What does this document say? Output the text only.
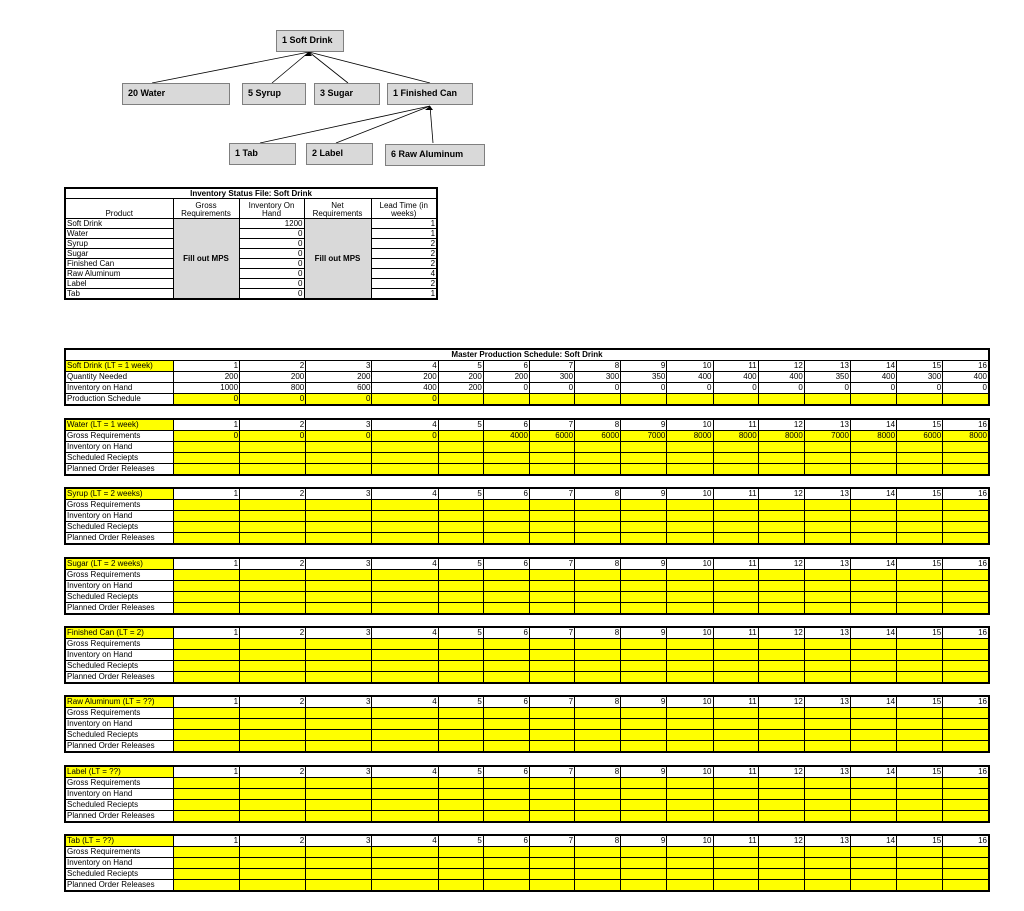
1 Soft Drink
20 Water	5 Syrup	3 Sugar	1 Finished Can
1 Tab	2 Label	6 Raw Aluminum
Inventory Status File: Soft Drink				
Product	Gross Requirements	Inventory On Hand	Net Requirements	Lead Time (in weeks)
Soft Drink	Fill out MPS	1200	Fill out MPS	1
Water		0		1
Syrup		0		2
Sugar		0		2
Finished Can		0		2
Raw Aluminum		0		4
Label		0		2
Tab		0		1
Master Production Schedule: Soft Drink																
Soft Drink (LT = 1 week)	1	2	3	4	5	6	7	8	9	10	11	12	13	14	15	16
Quantity Needed	200	200	200	200	200	200	300	300	350	400	400	400	350	400	300	400
Inventory on Hand	1000	800	600	400	200	0	0	0	0	0	0	0	0	0	0	0
Production Schedule	0	0	0	0												
Water (LT = 1 week)	1	2	3	4	5	6	7	8	9	10	11	12	13	14	15	16
Gross Requirements	0	0	0	0		4000	6000	6000	7000	8000	8000	8000	7000	8000	6000	8000
Inventory on Hand																
Scheduled Reciepts																
Planned Order Releases																
Syrup (LT = 2 weeks)	1	2	3	4	5	6	7	8	9	10	11	12	13	14	15	16
Gross Requirements																
Inventory on Hand																
Scheduled Reciepts																
Planned Order Releases																
Sugar (LT = 2 weeks)	1	2	3	4	5	6	7	8	9	10	11	12	13	14	15	16
Gross Requirements																
Inventory on Hand																
Scheduled Reciepts																
Planned Order Releases																
Finished Can (LT = 2)	1	2	3	4	5	6	7	8	9	10	11	12	13	14	15	16
Gross Requirements																
Inventory on Hand																
Scheduled Reciepts																
Planned Order Releases																
Raw Aluminum (LT = ??)	1	2	3	4	5	6	7	8	9	10	11	12	13	14	15	16
Gross Requirements																
Inventory on Hand																
Scheduled Reciepts																
Planned Order Releases																
Label (LT = ??)	1	2	3	4	5	6	7	8	9	10	11	12	13	14	15	16
Gross Requirements																
Inventory on Hand																
Scheduled Reciepts																
Planned Order Releases																
Tab (LT = ??)	1	2	3	4	5	6	7	8	9	10	11	12	13	14	15	16
Gross Requirements																
Inventory on Hand																
Scheduled Reciepts																
Planned Order Releases																
